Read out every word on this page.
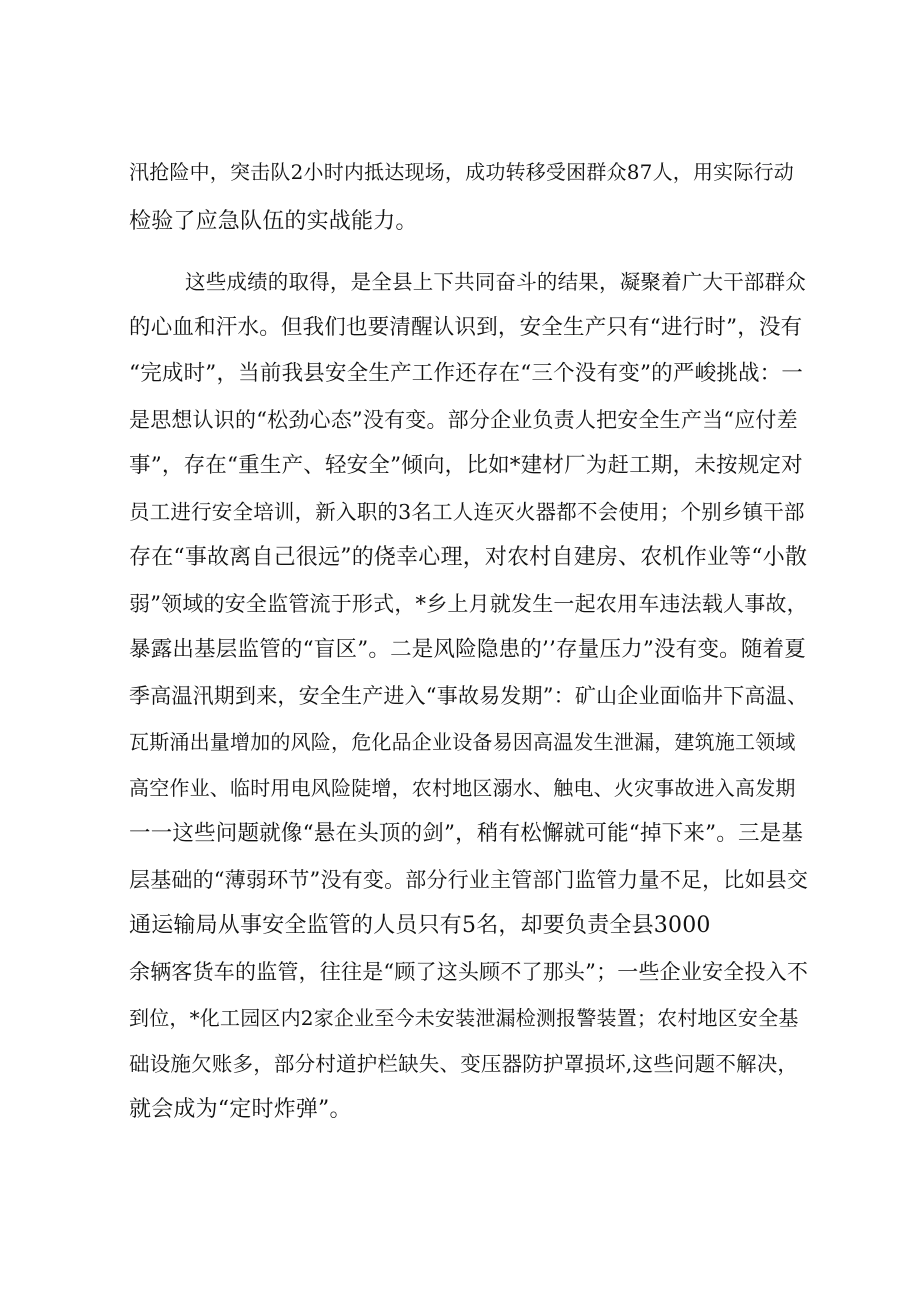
汛抢险中，突击队2小时内抵达现场，成功转移受困群众87人，用实际行动
检验了应急队伍的实战能力。
这些成绩的取得，是全县上下共同奋斗的结果，凝聚着广大干部群众
的心血和汗水。但我们也要清醒认识到，安全生产只有“进行时”，没有
“完成时”，当前我县安全生产工作还存在“三个没有变”的严峻挑战：一
是思想认识的“松劲心态”没有变。部分企业负责人把安全生产当“应付差
事”，存在“重生产、轻安全”倾向，比如*建材厂为赶工期，未按规定对
员工进行安全培训，新入职的3名工人连灭火器都不会使用；个别乡镇干部
存在“事故离自己很远”的侥幸心理，对农村自建房、农机作业等“小散
弱”领域的安全监管流于形式，*乡上月就发生一起农用车违法载人事故，
暴露出基层监管的“盲区”。二是风险隐患的’’存量压力”没有变。随着夏
季高温汛期到来，安全生产进入“事故易发期”：矿山企业面临井下高温、
瓦斯涌出量增加的风险，危化品企业设备易因高温发生泄漏，建筑施工领域
高空作业、临时用电风险陡增，农村地区溺水、触电、火灾事故进入高发期
一一这些问题就像“悬在头顶的剑”，稍有松懈就可能“掉下来”。三是基
层基础的“薄弱环节”没有变。部分行业主管部门监管力量不足，比如县交
通运输局从事安全监管的人员只有5名，却要负责全县3000
余辆客货车的监管，往往是“顾了这头顾不了那头”；一些企业安全投入不
到位，*化工园区内2家企业至今未安装泄漏检测报警装置；农村地区安全基
础设施欠账多，部分村道护栏缺失、变压器防护罩损坏,这些问题不解决，
就会成为“定时炸弹”。
